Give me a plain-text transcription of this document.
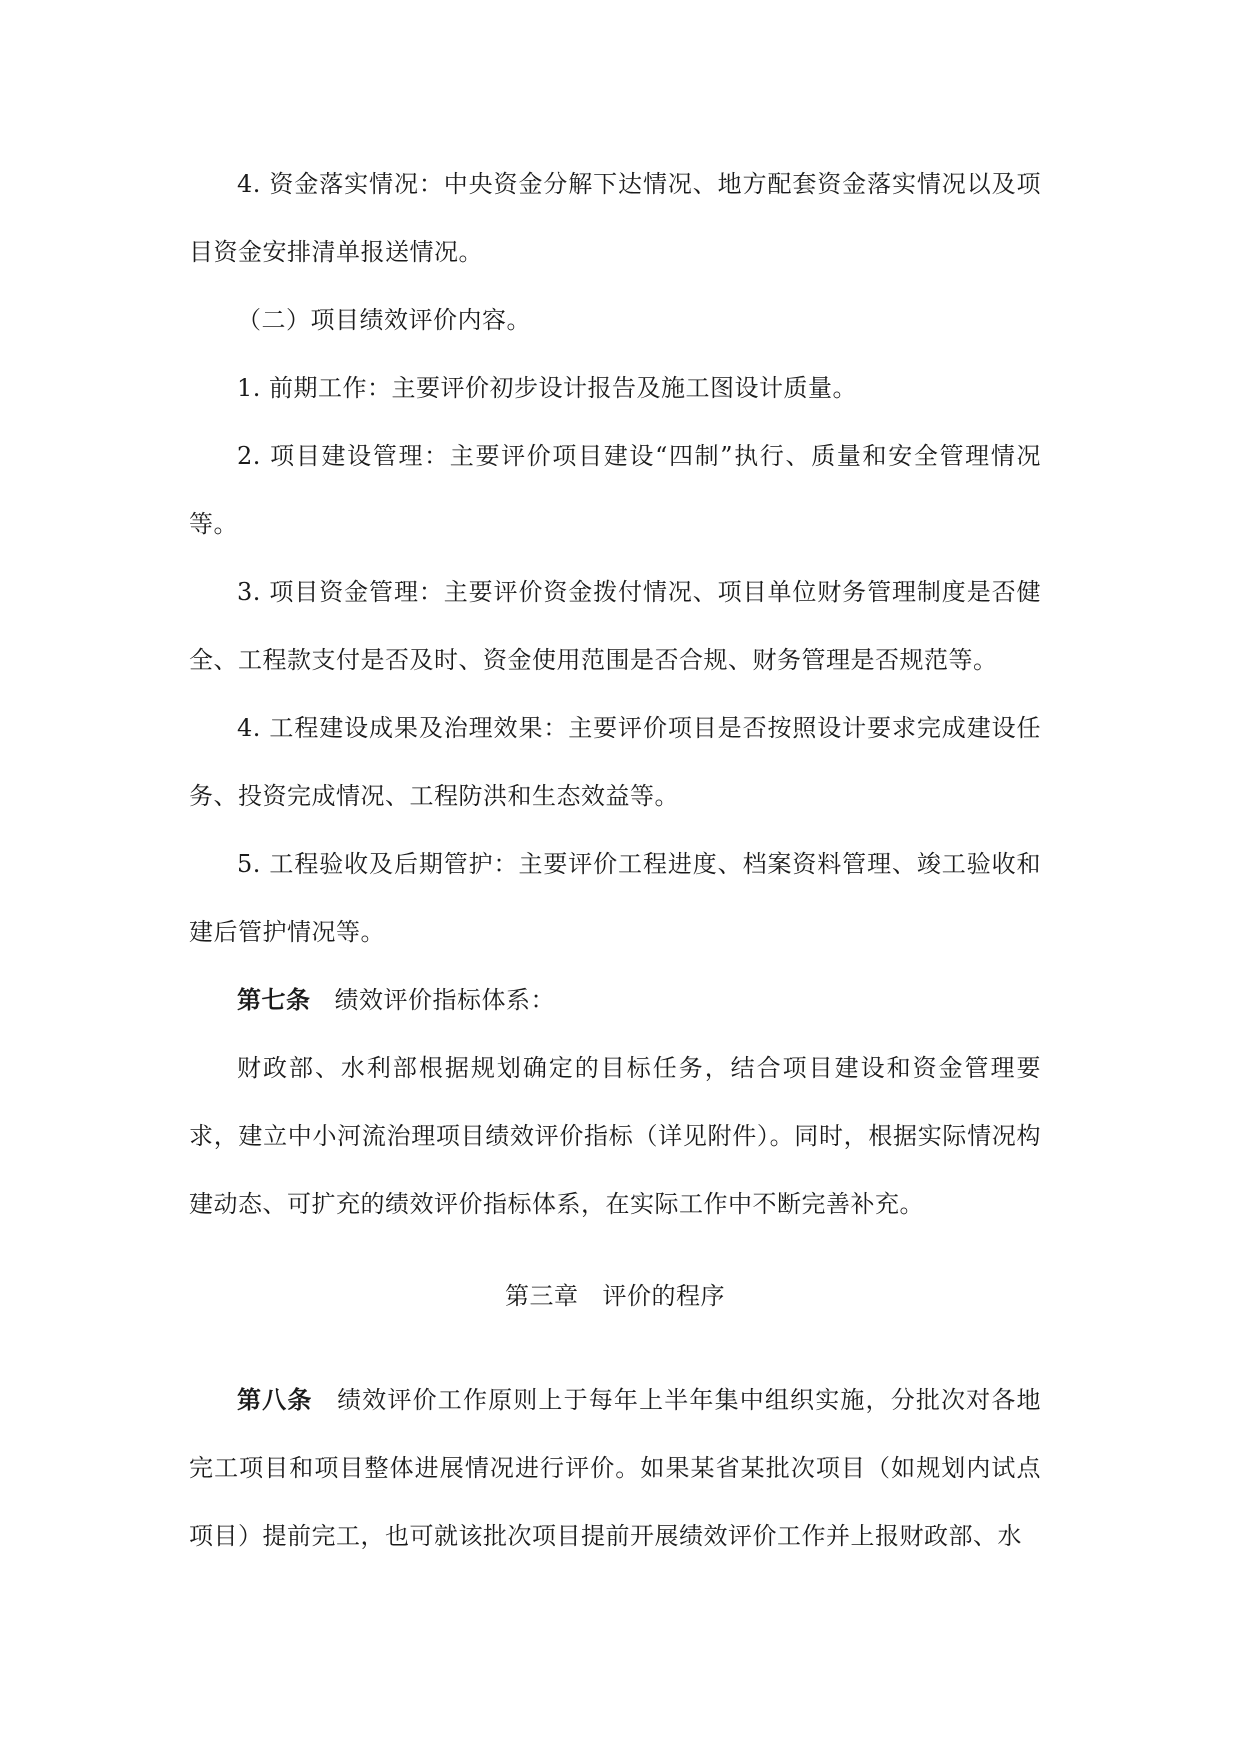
4. 资金落实情况：中央资金分解下达情况、地方配套资金落实情况以及项目资金安排清单报送情况。

（二）项目绩效评价内容。

1. 前期工作：主要评价初步设计报告及施工图设计质量。

2. 项目建设管理：主要评价项目建设“四制”执行、质量和安全管理情况等。

3. 项目资金管理：主要评价资金拨付情况、项目单位财务管理制度是否健全、工程款支付是否及时、资金使用范围是否合规、财务管理是否规范等。

4. 工程建设成果及治理效果：主要评价项目是否按照设计要求完成建设任务、投资完成情况、工程防洪和生态效益等。

5. 工程验收及后期管护：主要评价工程进度、档案资料管理、竣工验收和建后管护情况等。

第七条 绩效评价指标体系：

财政部、水利部根据规划确定的目标任务，结合项目建设和资金管理要求，建立中小河流治理项目绩效评价指标（详见附件）。同时，根据实际情况构建动态、可扩充的绩效评价指标体系，在实际工作中不断完善补充。

第三章 评价的程序

第八条 绩效评价工作原则上于每年上半年集中组织实施，分批次对各地完工项目和项目整体进展情况进行评价。如果某省某批次项目（如规划内试点项目）提前完工，也可就该批次项目提前开展绩效评价工作并上报财政部、水
